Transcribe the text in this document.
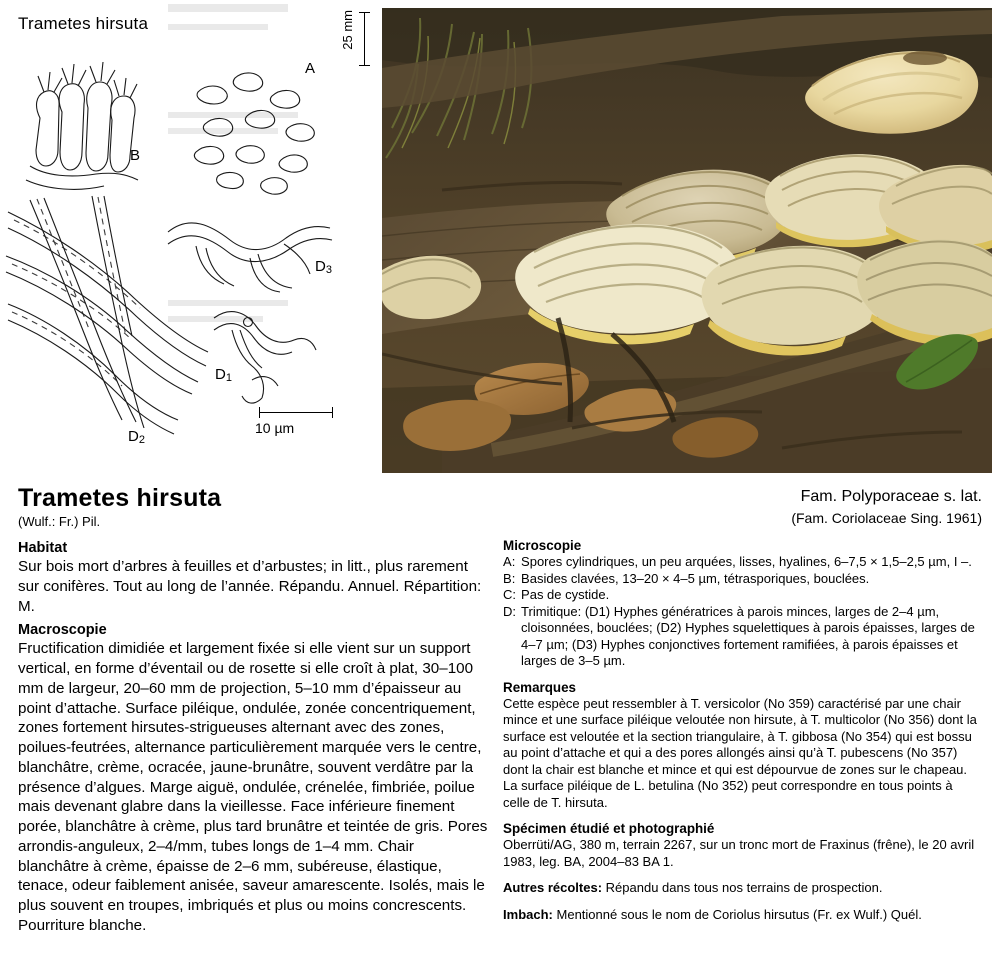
Trametes hirsuta
B
A
D3
D1
D2
25 mm
10 µm
Trametes hirsuta
(Wulf.: Fr.) Pil.
Fam. Polyporaceae s. lat.
(Fam. Coriolaceae Sing. 1961)
Habitat

Sur bois mort d’arbres à feuilles et d’arbustes; in litt., plus rarement sur conifères. Tout au long de l’année. Répandu. Annuel. Répartition: M.

Macroscopie

Fructification dimidiée et largement fixée si elle vient sur un support vertical, en forme d’éventail ou de rosette si elle croît à plat, 30–100 mm de largeur, 20–60 mm de projection, 5–10 mm d’épaisseur au point d’attache. Surface piléique, ondulée, zonée concentriquement, zones fortement hirsutes-strigueuses alternant avec des zones, poilues-feutrées, alternance particulièrement marquée vers le centre, blanchâtre, crème, ocracée, jaune-brunâtre, souvent verdâtre par la présence d’algues. Marge aiguë, ondulée, crénelée, fimbriée, poilue mais devenant glabre dans la vieillesse. Face inférieure finement porée, blanchâtre à crème, plus tard brunâtre et teintée de gris. Pores arrondis-anguleux, 2–4/mm, tubes longs de 1–4 mm. Chair blanchâtre à crème, épaisse de 2–6 mm, subéreuse, élastique, tenace, odeur faiblement anisée, saveur amarescente. Isolés, mais le plus souvent en troupes, imbriqués et plus ou moins concrescents. Pourriture blanche.

Microscopie
A: Spores cylindriques, un peu arquées, lisses, hyalines, 6–7,5 × 1,5–2,5 µm, I –.
B: Basides clavées, 13–20 × 4–5 µm, tétrasporiques, bouclées.
C: Pas de cystide.
D: Trimitique: (D1) Hyphes génératrices à parois minces, larges de 2–4 µm, cloisonnées, bouclées; (D2) Hyphes squelettiques à parois épaisses, larges de 4–7 µm; (D3) Hyphes conjonctives fortement ramifiées, à parois épaisses et larges de 3–5 µm.
Remarques

Cette espèce peut ressembler à T. versicolor (No 359) caractérisé par une chair mince et une surface piléique veloutée non hirsute, à T. multicolor (No 356) dont la surface est veloutée et la section triangulaire, à T. gibbosa (No 354) qui est bossu au point d’attache et qui a des pores allongés ainsi qu’à T. pubescens (No 357) dont la chair est blanche et mince et qui est dépourvue de zones sur le chapeau. La surface piléique de L. betulina (No 352) peut correspondre en tous points à celle de T. hirsuta.

Spécimen étudié et photographié

Oberrüti/AG, 380 m, terrain 2267, sur un tronc mort de Fraxinus (frêne), le 20 avril 1983, leg. BA, 2004–83 BA 1.

Autres récoltes: Répandu dans tous nos terrains de prospection.

Imbach: Mentionné sous le nom de Coriolus hirsutus (Fr. ex Wulf.) Quél.
